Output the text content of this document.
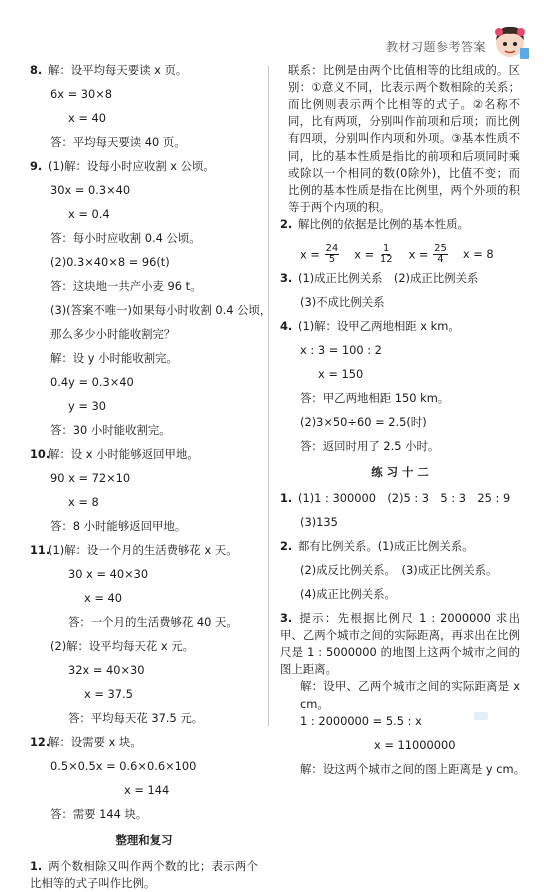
教材习题参考答案
8. 解：设平均每天要读 x 页。
6x = 30×8
x = 40
答：平均每天要读 40 页。
9. (1)解：设每小时应收割 x 公顷。
30x = 0.3×40
x = 0.4
答：每小时应收割 0.4 公顷。
(2)0.3×40×8 = 96(t)
答：这块地一共产小麦 96 t。
(3)(答案不唯一)如果每小时收割 0.4 公顷，
那么多少小时能收割完？
解：设 y 小时能收割完。
0.4y = 0.3×40
y = 30
答：30 小时能收割完。
10.解：设 x 小时能够返回甲地。
90 x = 72×10
x = 8
答：8 小时能够返回甲地。
11.(1)解：设一个月的生活费够花 x 天。
30 x = 40×30
x = 40
答：一个月的生活费够花 40 天。
(2)解：设平均每天花 x 元。
32x = 40×30
x = 37.5
答：平均每天花 37.5 元。
12.解：设需要 x 块。
0.5×0.5x = 0.6×0.6×100
x = 144
答：需要 144 块。
整理和复习
1. 两个数相除又叫作两个数的比；表示两个比相等的式子叫作比例。
联系：比例是由两个比值相等的比组成的。区别：①意义不同，比表示两个数相除的关系；而比例则表示两个比相等的式子。②名称不同，比有两项，分别叫作前项和后项；而比例有四项，分别叫作内项和外项。③基本性质不同，比的基本性质是指比的前项和后项同时乘或除以一个相同的数(0除外)，比值不变；而比例的基本性质是指在比例里，两个外项的积等于两个内项的积。
2. 解比例的依据是比例的基本性质。
$x = \frac{24}{5}$ $x = \frac{1}{12}$ $x = \frac{25}{4}$ x = 8
3. (1)成正比例关系　(2)成正比例关系
(3)不成比例关系
4. (1)解：设甲乙两地相距 x km。
x : 3 = 100 : 2
x = 150
答：甲乙两地相距 150 km。
(2)3×50÷60 = 2.5(时)
答：返回时用了 2.5 小时。
练 习 十 二
1. (1)1 : 300000　(2)5 : 3　5 : 3　25 : 9
(3)135
2. 都有比例关系。(1)成正比例关系。
(2)成反比例关系。　(3)成正比例关系。
(4)成正比例关系。
3. 提示：先根据比例尺 1 : 2000000 求出甲、乙两个城市之间的实际距离，再求出在比例尺是 1 : 5000000 的地图上这两个城市之间的图上距离。
解：设甲、乙两个城市之间的实际距离是 x cm。
1 : 2000000 = 5.5 : x
x = 11000000
解：设这两个城市之间的图上距离是 y cm。
